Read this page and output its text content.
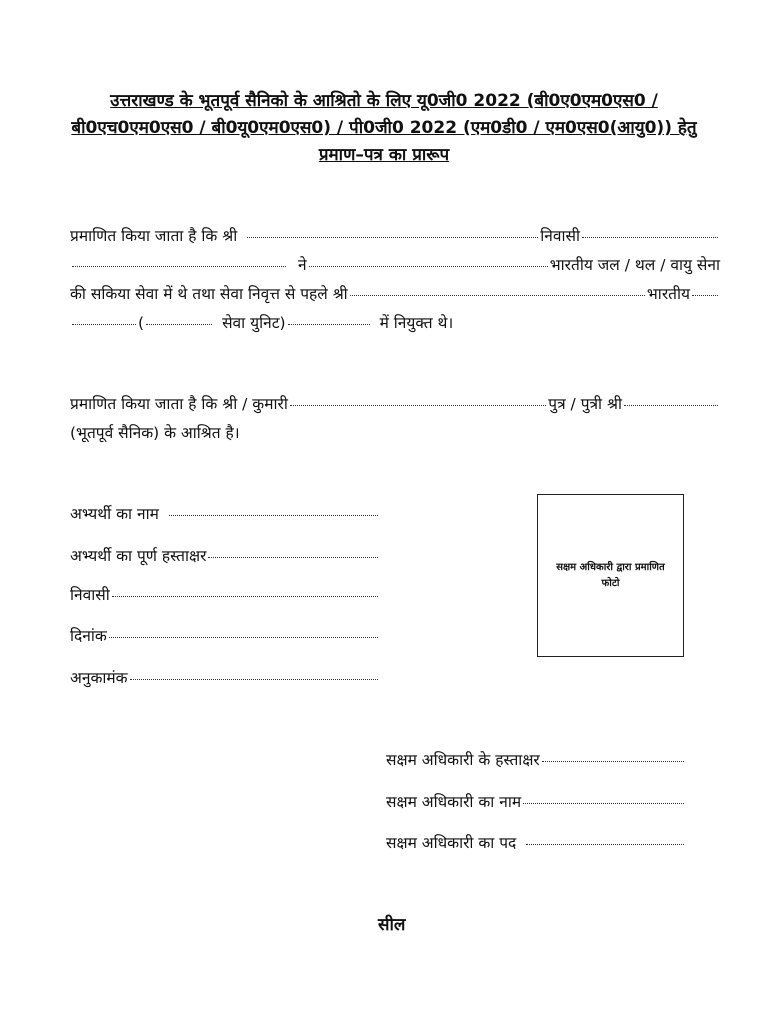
उत्तराखण्ड के भूतपूर्व सैनिको के आश्रितो के लिए यू0जी0 2022 (बी0ए0एम0एस0 /
बी0एच0एम0एस0 / बी0यू0एम0एस0) / पी0जी0 2022 (एम0डी0 / एम0एस0(आयु0)) हेतु
प्रमाण–पत्र का प्रारूप
प्रमाणित किया जाता है कि श्री	निवासी
ने	भारतीय जल / थल / वायु सेना
की सकिया सेवा में थे तथा सेवा निवृत्त से पहले श्री	भारतीय
(	सेवा युनिट)	में नियुक्त थे।
प्रमाणित किया जाता है कि श्री / कुमारी	पुत्र / पुत्री श्री
(भूतपूर्व सैनिक) के आश्रित है।
अभ्यर्थी का नाम
अभ्यर्थी का पूर्ण हस्ताक्षर
निवासी
दिनांक
अनुकामंक
सक्षम अधिकारी द्वारा प्रमाणित
फोटो
सक्षम अधिकारी के हस्ताक्षर
सक्षम अधिकारी का नाम
सक्षम अधिकारी का पद
सील
